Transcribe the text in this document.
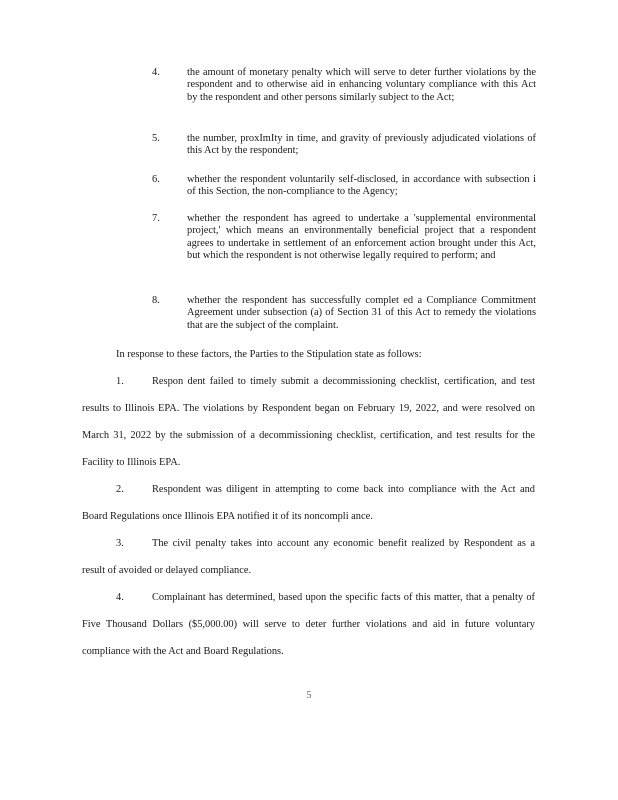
4.	the amount of monetary penalty which will serve to deter further violations by the respondent and to otherwise aid in enhancing voluntary compliance with this Act by the respondent and other persons similarly subject to the Act;
5.	the number, proxImIty in time, and gravity of previously adjudicated violations of this Act by the respondent;
6.	whether the respondent voluntarily self-disclosed, in accordance with subsection i of this Section, the non-compliance to the Agency;
7.	whether the respondent has agreed to undertake a 'supplemental environmental project,' which means an environmentally beneficial project that a respondent agrees to undertake in settlement of an enforcement action brought under this Act, but which the respondent is not otherwise legally required to perform; and
8.	whether the respondent has successfully complet ed a Compliance Commitment Agreement under subsection (a) of Section 31 of this Act to remedy the violations that are the subject of the complaint.
In response to these factors, the Parties to the Stipulation state as follows:
1.	Respon dent failed to timely submit a decommissioning checklist, certification, and test results to Illinois EPA. The violations by Respondent began on February 19, 2022, and were resolved on March 31, 2022 by the submission of a decommissioning checklist, certification, and test results for the Facility to Illinois EPA.
2.	Respondent was diligent in attempting to come back into compliance with the Act and Board Regulations once Illinois EPA notified it of its noncompli ance.
3.	The civil penalty takes into account any economic benefit realized by Respondent as a result of avoided or delayed compliance.
4.	Complainant has determined, based upon the specific facts of this matter, that a penalty of Five Thousand Dollars ($5,000.00) will serve to deter further violations and aid in future voluntary compliance with the Act and Board Regulations.
5
